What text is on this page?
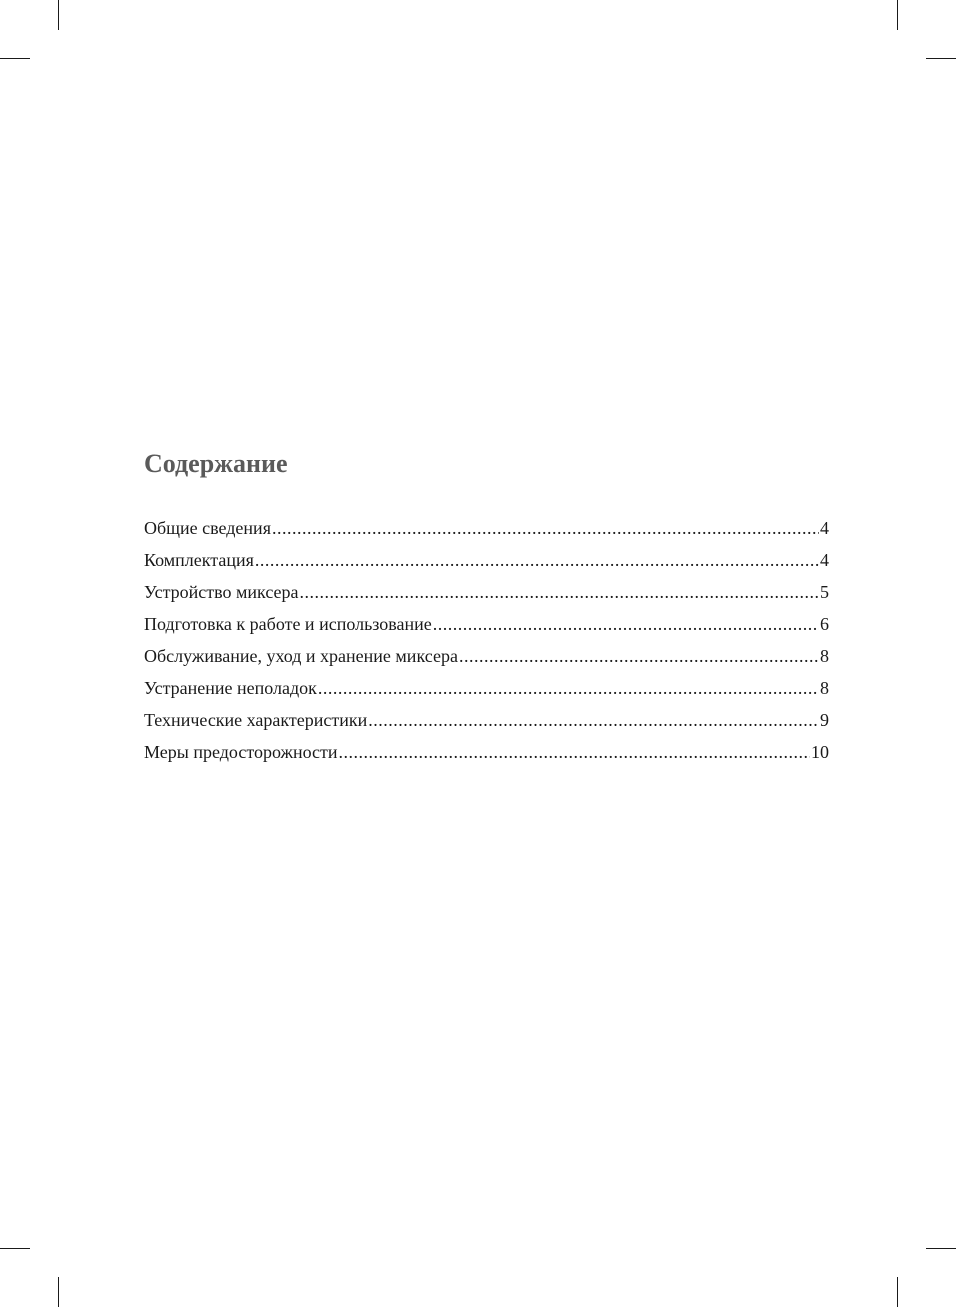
Содержание
Общие сведения .....	4
Комплектация .....	4
Устройство миксера .....	5
Подготовка к работе и использование .....	6
Обслуживание, уход и хранение миксера .....	8
Устранение неполадок .....	8
Технические характеристики .....	9
Меры предосторожности .....	10
